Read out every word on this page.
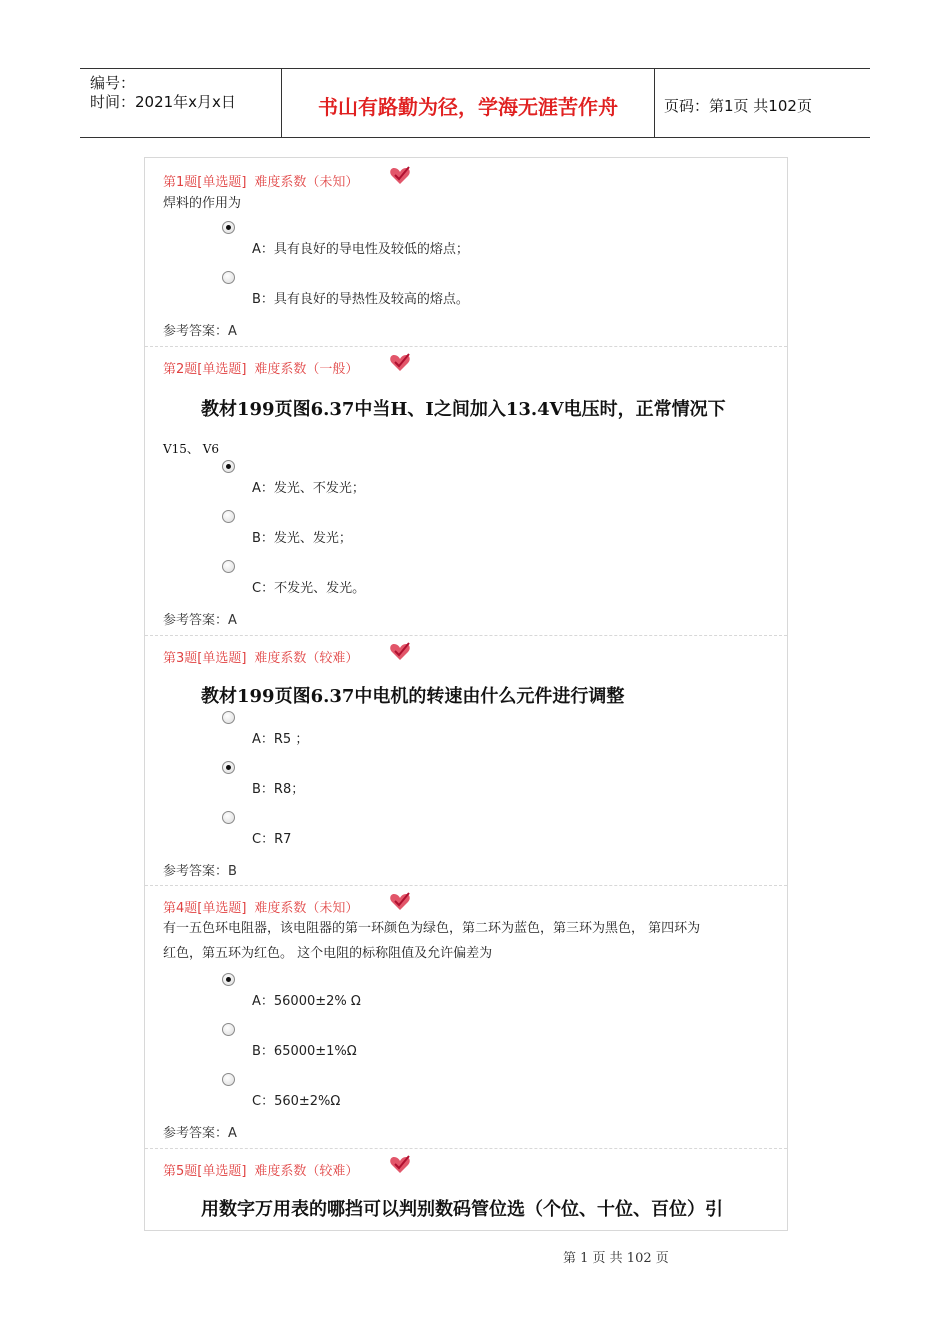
编号：
时间：2021年x月x日	书山有路勤为径，学海无涯苦作舟	页码：第1页 共102页
第1题[单选题] 难度系数（未知）
焊料的作用为
A：具有良好的导电性及较低的熔点；
B：具有良好的导热性及较高的熔点。
参考答案：A
第2题[单选题] 难度系数（一般）
教材199页图6.37中当H、I之间加入13.4V电压时，正常情况下
V15、 V6
A：发光、不发光；
B：发光、发光；
C：不发光、发光。
参考答案：A
第3题[单选题] 难度系数（较难）
教材199页图6.37中电机的转速由什么元件进行调整
A：R5 ；
B：R8；
C：R7
参考答案：B
第4题[单选题] 难度系数（未知）
有一五色环电阻器，该电阻器的第一环颜色为绿色，第二环为蓝色，第三环为黑色， 第四环为
红色，第五环为红色。 这个电阻的标称阻值及允许偏差为
A：56000±2% Ω
B：65000±1%Ω
C：560±2%Ω
参考答案：A
第5题[单选题] 难度系数（较难）
用数字万用表的哪挡可以判别数码管位选（个位、十位、百位）引
第 1 页 共 102 页
